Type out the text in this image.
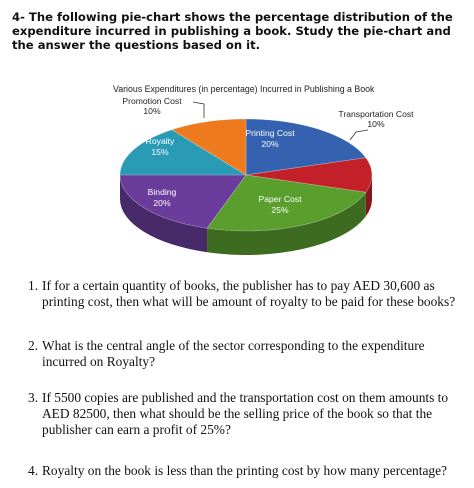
4- The following pie-chart shows the percentage distribution of the expenditure incurred in publishing a book. Study the pie-chart and the answer the questions based on it.
Various Expenditures (in percentage) Incurred in Publishing a Book
Promotion Cost
10%	Transportation Cost
10%
Printing Cost
20%
Royalty
15%
Binding
20%	Paper Cost
25%
1. If for a certain quantity of books, the publisher has to pay AED 30,600 as printing cost, then what will be amount of royalty to be paid for these books?
2. What is the central angle of the sector corresponding to the expenditure incurred on Royalty?
3. If 5500 copies are published and the transportation cost on them amounts to AED 82500, then what should be the selling price of the book so that the publisher can earn a profit of 25%?
4. Royalty on the book is less than the printing cost by how many percentage?
